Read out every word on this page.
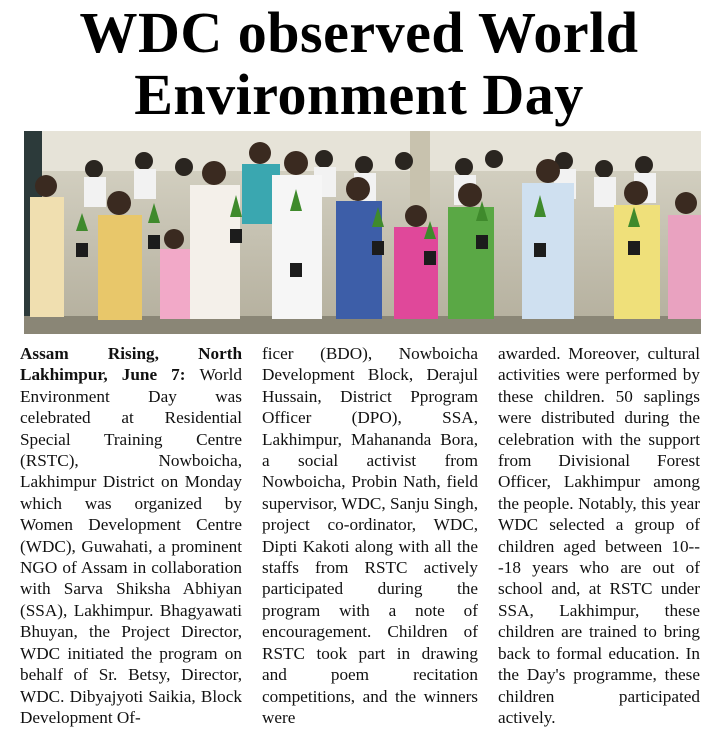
WDC observed World
Environment Day
Assam Rising, North Lakhimpur, June 7: World Environment Day was celebrated at Residential Special Training Centre (RSTC), Nowboicha, Lakhimpur District on Monday which was organized by Women Development Centre (WDC), Guwahati, a prominent NGO of Assam in collaboration with Sarva Shiksha Abhiyan (SSA), Lakhimpur. Bhagyawati Bhuyan, the Project Director, WDC initiated the program on behalf of Sr. Betsy, Director, WDC. Dibyajyoti Saikia, Block Development Of-
ficer (BDO), Nowboicha Development Block, Derajul Hussain, District Pprogram Officer (DPO), SSA, Lakhimpur, Mahananda Bora, a social activist from Nowboicha, Probin Nath, field supervisor, WDC, Sanju Singh, project co-ordinator, WDC, Dipti Kakoti along with all the staffs from RSTC actively participated during the program with a note of encouragement. Children of RSTC took part in drawing and poem recitation competitions, and the winners were
awarded. Moreover, cultural activities were performed by these children. 50 saplings were distributed during the celebration with the support from Divisional Forest Officer, Lakhimpur among the people. Notably, this year WDC selected a group of children aged between 10---18 years who are out of school and, at RSTC under SSA, Lakhimpur, these children are trained to bring back to formal education. In the Day's programme, these children participated actively.
